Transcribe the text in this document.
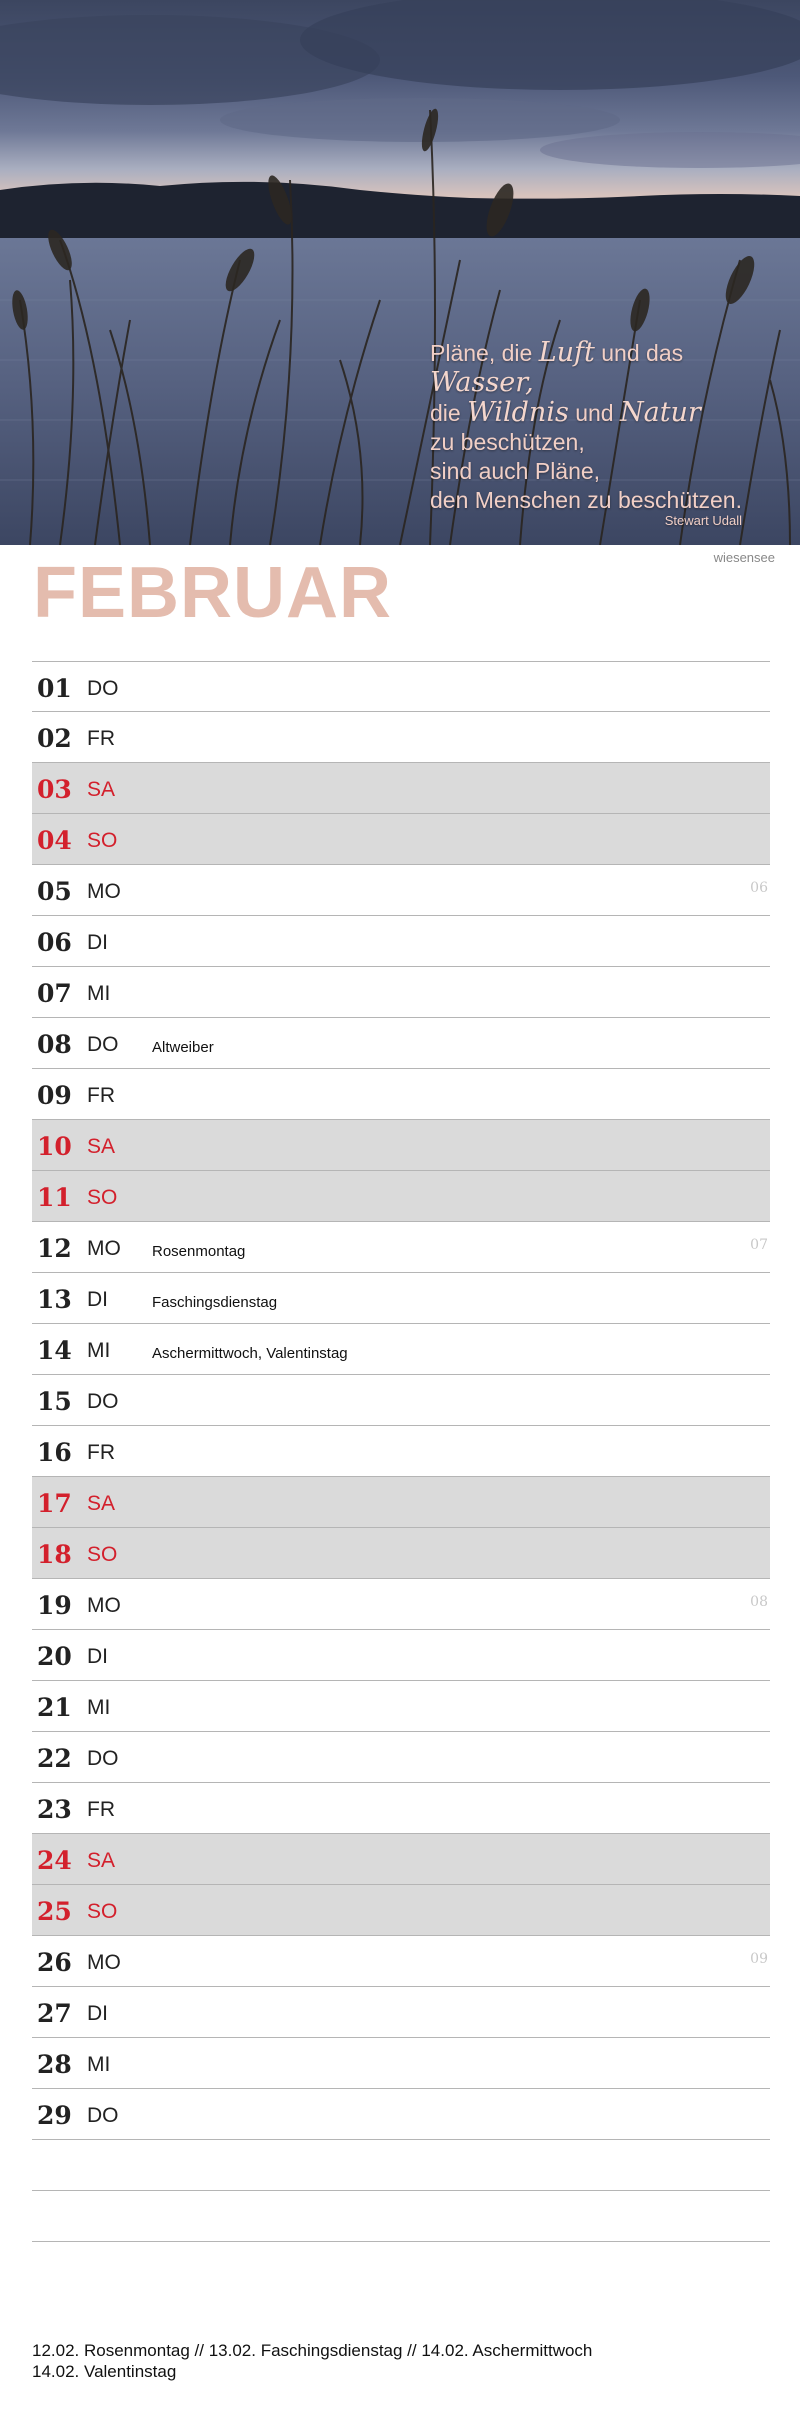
Pläne, die Luft und das Wasser,
die Wildnis und Natur
zu beschützen,
sind auch Pläne,
den Menschen zu beschützen.
Stewart Udall
wiesensee
FEBRUAR
01 DO
02 FR
03 SA
04 SO
05 MO	06
06 DI
07 MI
08 DO Altweiber
09 FR
10 SA
11 SO
12 MO Rosenmontag	07
13 DI	Faschingsdienstag
14 MI	Aschermittwoch, Valentinstag
15 DO
16 FR
17 SA
18 SO
19 MO	08
20 DI
21 MI
22 DO
23 FR
24 SA
25 SO
26 MO	09
27 DI
28 MI
29 DO
12.02. Rosenmontag // 13.02. Faschingsdienstag // 14.02. Aschermittwoch
14.02. Valentinstag
